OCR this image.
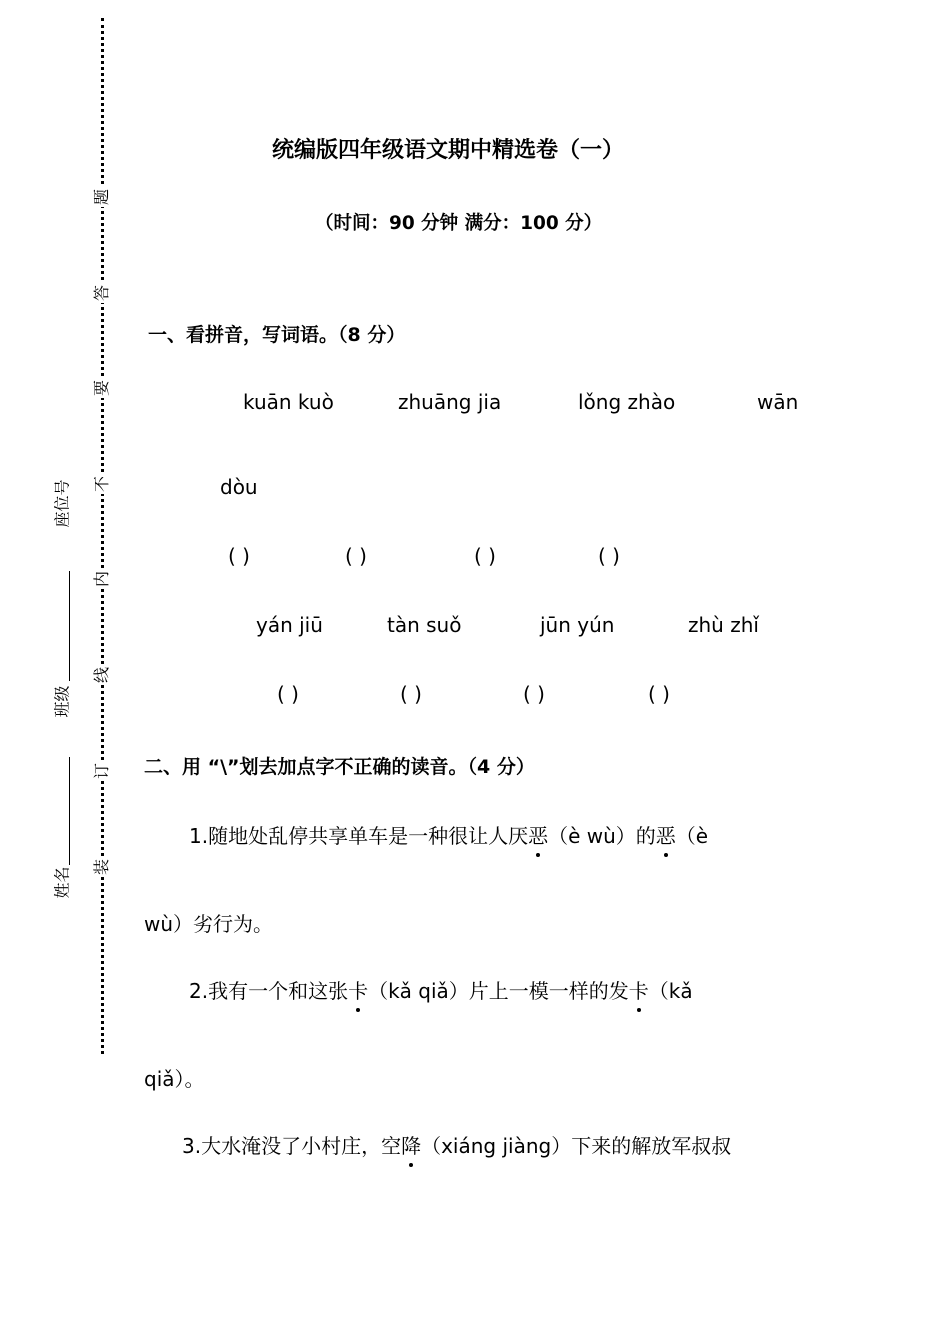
题
答
要
不
内
线
订
装
座位号
班级
姓名
统编版四年级语文期中精选卷（一）
（时间：90 分钟 满分：100 分）
一、看拼音，写词语。（8 分）
kuān kuò	zhuāng jia	lǒng zhào	wān
dòu
( )	( )	( )	( )
yán jiū	tàn suǒ	jūn yún	zhù zhǐ
( )	( )	( )	( )
二、用 “\”划去加点字不正确的读音。（4 分）
1.随地处乱停共享单车是一种很让人厌恶（è wù）的恶（è
wù）劣行为。
2.我有一个和这张卡（kǎ qiǎ）片上一模一样的发卡（kǎ
qiǎ）。
3.大水淹没了小村庄，空降（xiáng jiàng）下来的解放军叔叔
